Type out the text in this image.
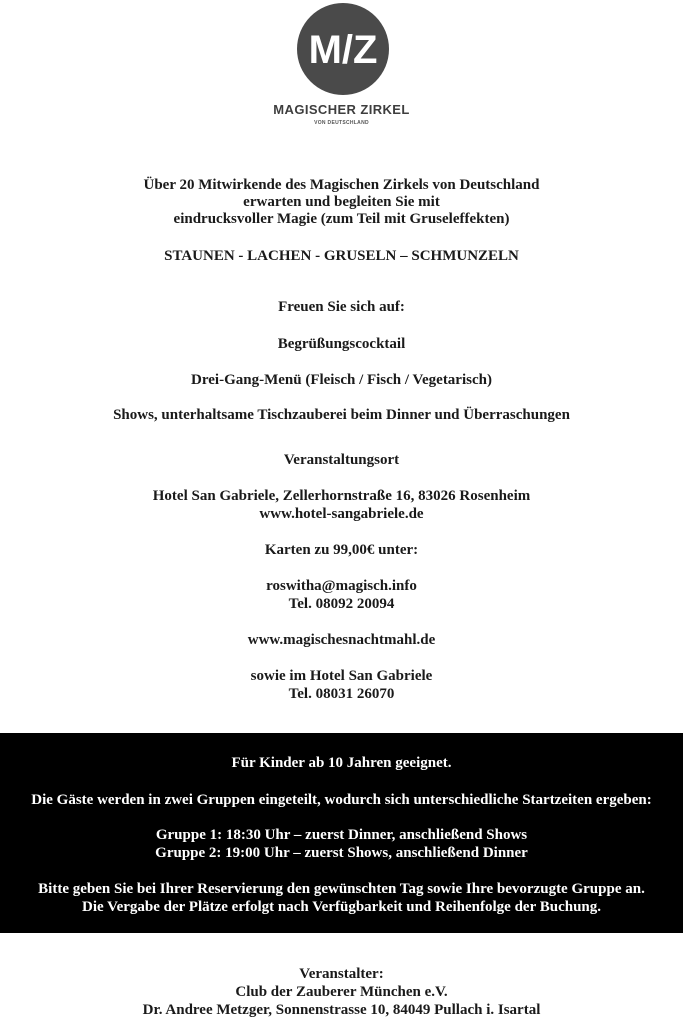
M/Z
MAGISCHER ZIRKEL
VON DEUTSCHLAND
Über 20 Mitwirkende des Magischen Zirkels von Deutschland
erwarten und begleiten Sie mit
eindrucksvoller Magie (zum Teil mit Gruseleffekten)
STAUNEN - LACHEN - GRUSELN – SCHMUNZELN
Freuen Sie sich auf:
Begrüßungscocktail
Drei-Gang-Menü (Fleisch / Fisch / Vegetarisch)
Shows, unterhaltsame Tischzauberei beim Dinner und Überraschungen
Veranstaltungsort
Hotel San Gabriele, Zellerhornstraße 16, 83026 Rosenheim
www.hotel-sangabriele.de
Karten zu 99,00€ unter:
roswitha@magisch.info
Tel. 08092 20094
www.magischesnachtmahl.de
sowie im Hotel San Gabriele
Tel. 08031 26070
Für Kinder ab 10 Jahren geeignet.
Die Gäste werden in zwei Gruppen eingeteilt, wodurch sich unterschiedliche Startzeiten ergeben:
Gruppe 1: 18:30 Uhr – zuerst Dinner, anschließend Shows
Gruppe 2: 19:00 Uhr – zuerst Shows, anschließend Dinner
Bitte geben Sie bei Ihrer Reservierung den gewünschten Tag sowie Ihre bevorzugte Gruppe an.
Die Vergabe der Plätze erfolgt nach Verfügbarkeit und Reihenfolge der Buchung.
Veranstalter:
Club der Zauberer München e.V.
Dr. Andree Metzger, Sonnenstrasse 10, 84049 Pullach i. Isartal
